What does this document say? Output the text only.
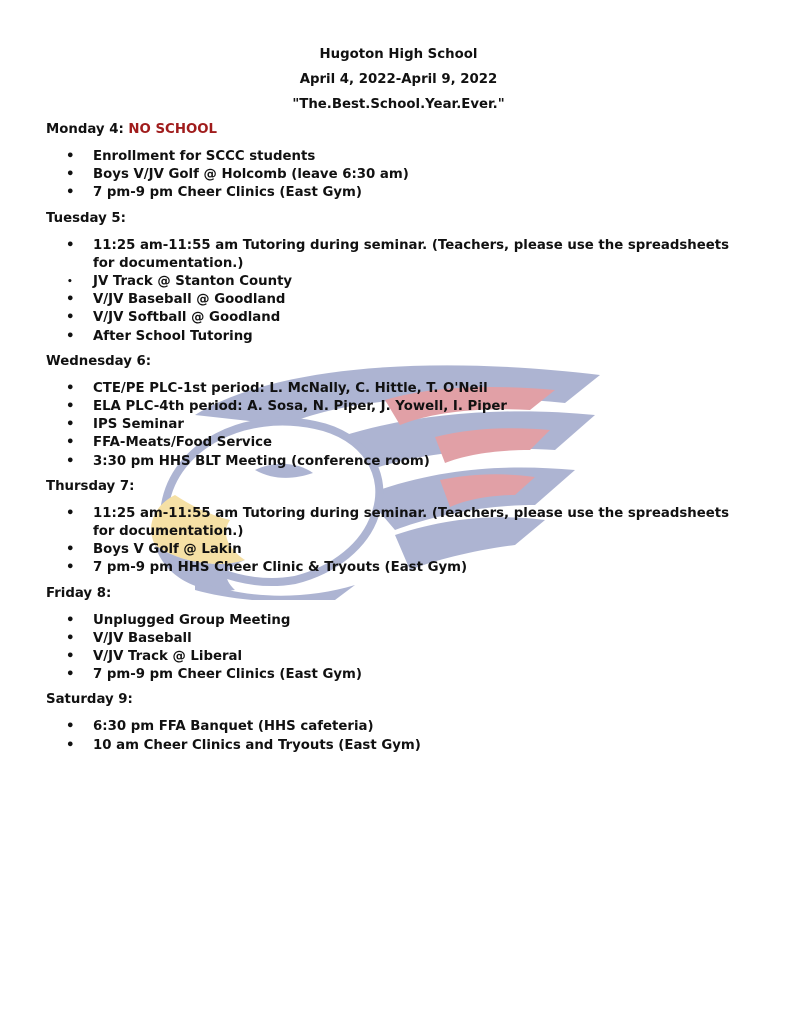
Hugoton High School

April 4, 2022-April 9, 2022

"The.Best.School.Year.Ever."

Monday 4: NO SCHOOL

• Enrollment for SCCC students
• Boys V/JV Golf @ Holcomb (leave 6:30 am)
• 7 pm-9 pm Cheer Clinics (East Gym)

Tuesday 5:

• 11:25 am-11:55 am Tutoring during seminar. (Teachers, please use the spreadsheets for documentation.)
• JV Track @ Stanton County
• V/JV Baseball @ Goodland
• V/JV Softball @ Goodland
• After School Tutoring

Wednesday 6:

• CTE/PE PLC-1st period: L. McNally, C. Hittle, T. O'Neil
• ELA PLC-4th period: A. Sosa, N. Piper, J. Yowell, I. Piper
• IPS Seminar
• FFA-Meats/Food Service
• 3:30 pm HHS BLT Meeting (conference room)

Thursday 7:

• 11:25 am-11:55 am Tutoring during seminar. (Teachers, please use the spreadsheets for documentation.)
• Boys V Golf @ Lakin
• 7 pm-9 pm HHS Cheer Clinic & Tryouts (East Gym)

Friday 8:

• Unplugged Group Meeting
• V/JV Baseball
• V/JV Track @ Liberal
• 7 pm-9 pm Cheer Clinics (East Gym)

Saturday 9:

• 6:30 pm FFA Banquet (HHS cafeteria)
• 10 am Cheer Clinics and Tryouts (East Gym)
